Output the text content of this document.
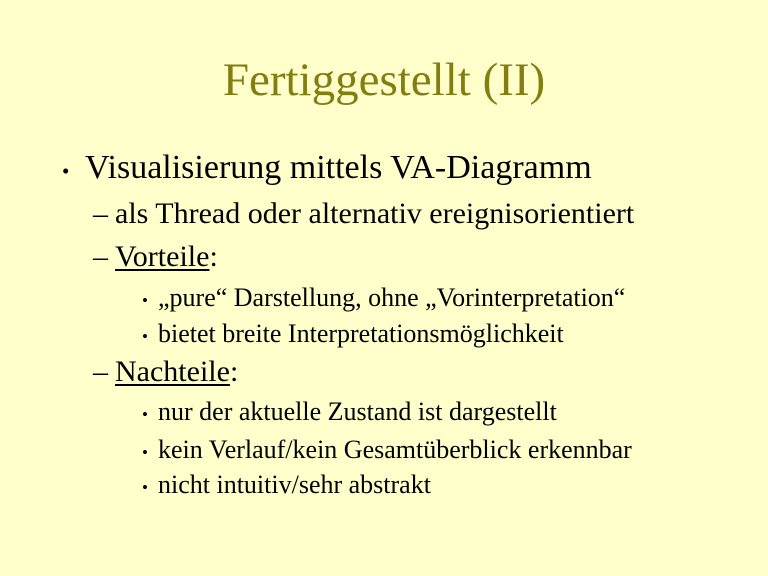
Fertiggestellt (II)
• Visualisierung mittels VA-Diagramm
– als Thread oder alternativ ereignisorientiert
– Vorteile:
• „pure“ Darstellung, ohne „Vorinterpretation“
• bietet breite Interpretationsmöglichkeit
– Nachteile:
• nur der aktuelle Zustand ist dargestellt
• kein Verlauf/kein Gesamtüberblick erkennbar
• nicht intuitiv/sehr abstrakt
